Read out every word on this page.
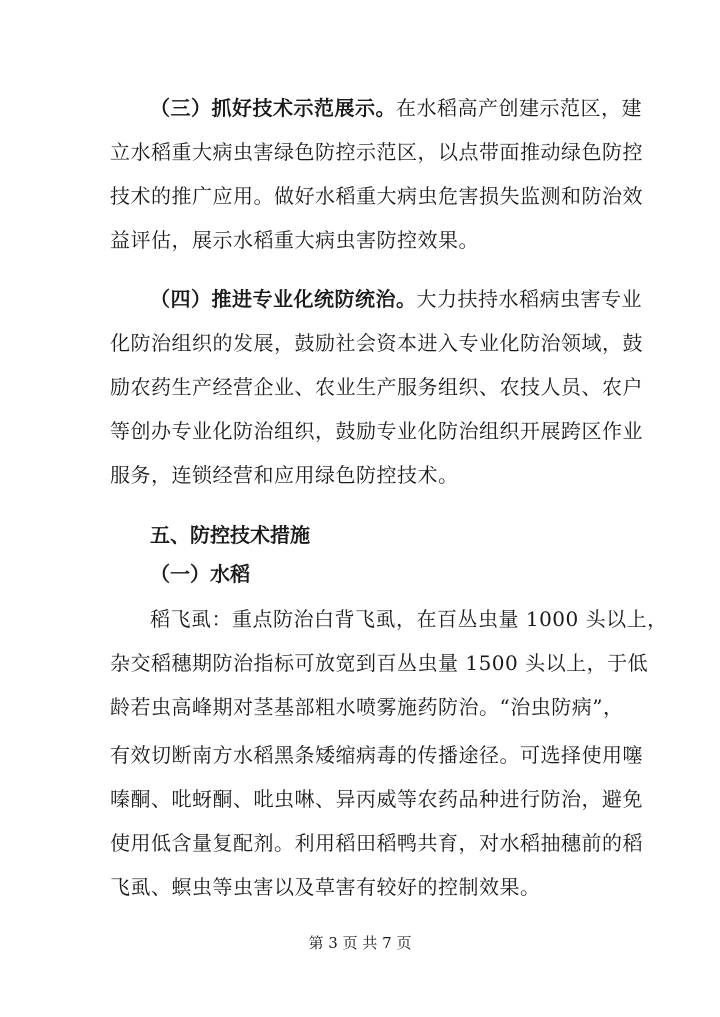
（三）抓好技术示范展示。在水稻高产创建示范区，建
立水稻重大病虫害绿色防控示范区，以点带面推动绿色防控
技术的推广应用。做好水稻重大病虫危害损失监测和防治效
益评估，展示水稻重大病虫害防控效果。
（四）推进专业化统防统治。大力扶持水稻病虫害专业
化防治组织的发展，鼓励社会资本进入专业化防治领域，鼓
励农药生产经营企业、农业生产服务组织、农技人员、农户
等创办专业化防治组织，鼓励专业化防治组织开展跨区作业
服务，连锁经营和应用绿色防控技术。
五、防控技术措施
（一）水稻
稻飞虱：重点防治白背飞虱，在百丛虫量 1000 头以上，
杂交稻穗期防治指标可放宽到百丛虫量 1500 头以上，于低
龄若虫高峰期对茎基部粗水喷雾施药防治。“治虫防病”，
有效切断南方水稻黑条矮缩病毒的传播途径。可选择使用噻
嗪酮、吡蚜酮、吡虫啉、异丙威等农药品种进行防治，避免
使用低含量复配剂。利用稻田稻鸭共育，对水稻抽穗前的稻
飞虱、螟虫等虫害以及草害有较好的控制效果。
第 3 页 共 7 页
